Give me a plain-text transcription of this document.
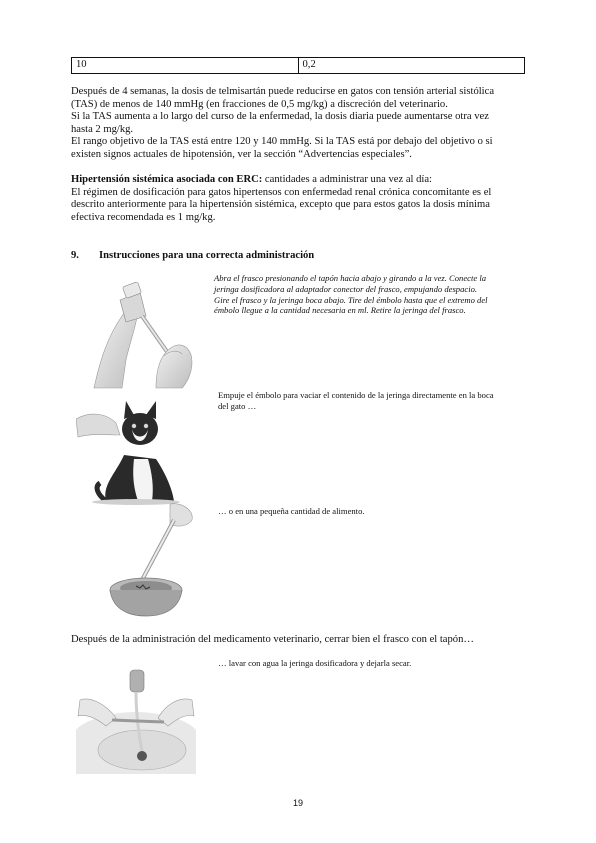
10	0,2

Después de 4 semanas, la dosis de telmisartán puede reducirse en gatos con tensión arterial sistólica

(TAS) de menos de 140 mmHg (en fracciones de 0,5 mg/kg) a discreción del veterinario.

Si la TAS aumenta a lo largo del curso de la enfermedad, la dosis diaria puede aumentarse otra vez

hasta 2 mg/kg.

El rango objetivo de la TAS está entre 120 y 140 mmHg. Si la TAS está por debajo del objetivo o si

existen signos actuales de hipotensión, ver la sección “Advertencias especiales”.

Hipertensión sistémica asociada con ERC: cantidades a administrar una vez al día:

El régimen de dosificación para gatos hipertensos con enfermedad renal crónica concomitante es el

descrito anteriormente para la hipertensión sistémica, excepto que para estos gatos la dosis mínima

efectiva recomendada es 1 mg/kg.

9. Instrucciones para una correcta administración
Abra el frasco presionando el tapón hacia abajo y girando a la vez. Conecte la
jeringa dosificadora al adaptador conector del frasco, empujando despacio.
Gire el frasco y la jeringa boca abajo. Tire del émbolo hasta que el extremo del
émbolo llegue a la cantidad necesaria en ml. Retire la jeringa del frasco.
Empuje el émbolo para vaciar el contenido de la jeringa directamente en la boca
del gato …
… o en una pequeña cantidad de alimento.

Después de la administración del medicamento veterinario, cerrar bien el frasco con el tapón…

… lavar con agua la jeringa dosificadora y dejarla secar.
19
